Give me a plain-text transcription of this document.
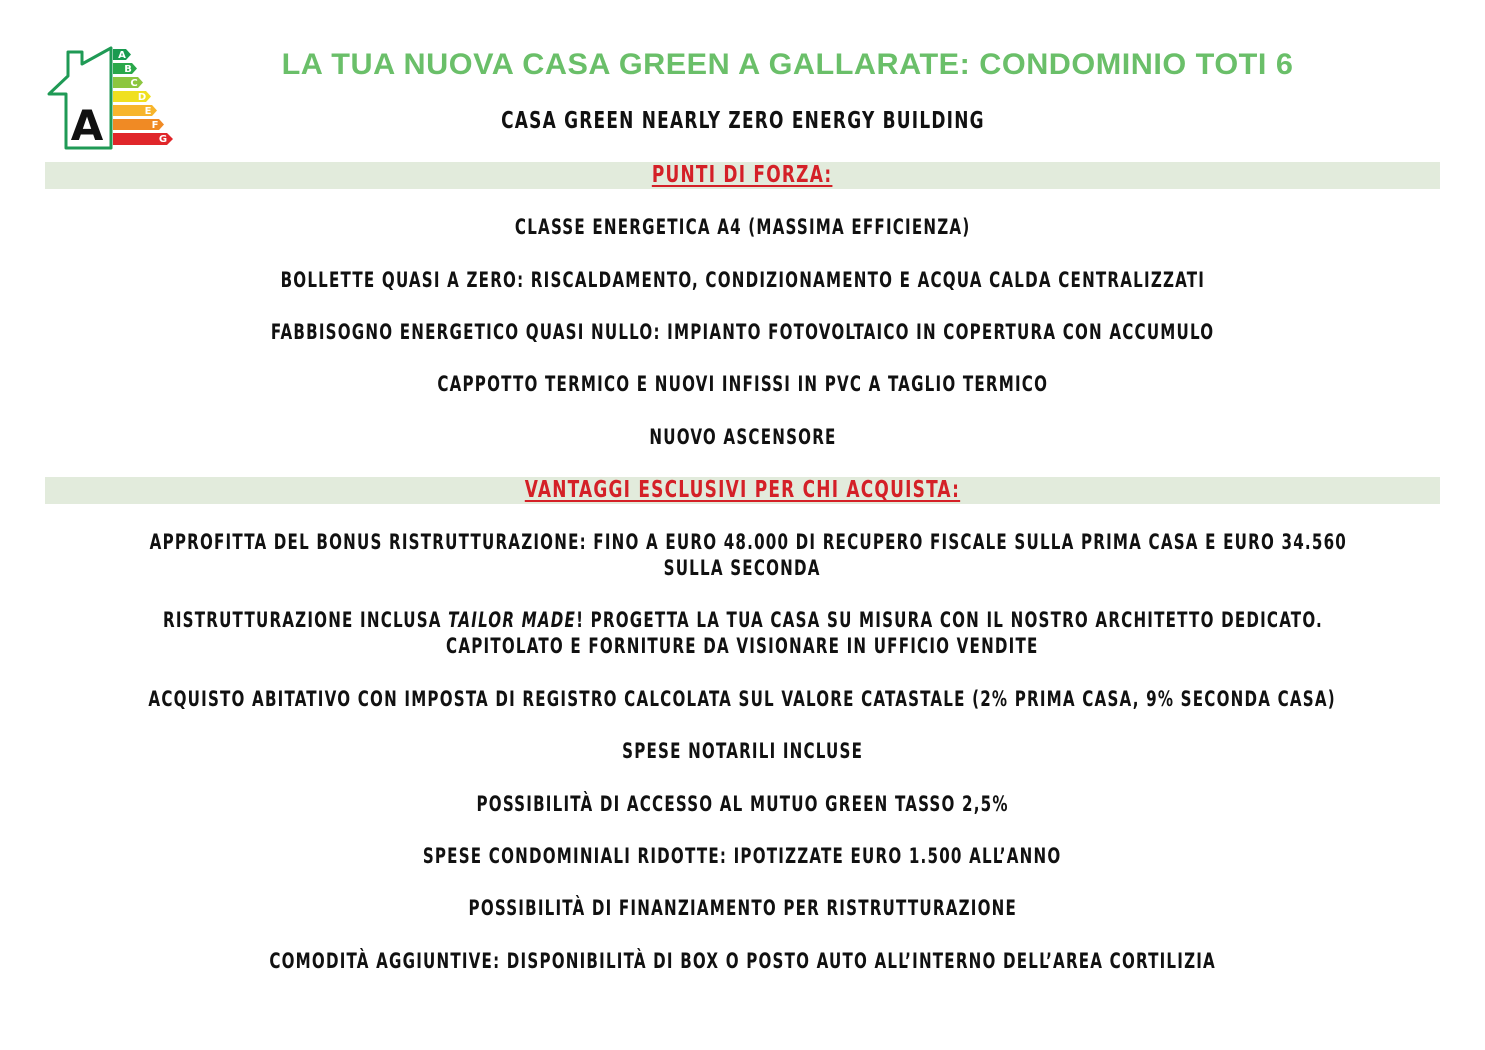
A
A
B
C
D
E
F
G
LA TUA NUOVA CASA GREEN A GALLARATE: CONDOMINIO TOTI 6
CASA GREEN NEARLY ZERO ENERGY BUILDING
PUNTI DI FORZA:
CLASSE ENERGETICA A4 (MASSIMA EFFICIENZA)
BOLLETTE QUASI A ZERO: RISCALDAMENTO, CONDIZIONAMENTO E ACQUA CALDA CENTRALIZZATI
FABBISOGNO ENERGETICO QUASI NULLO: IMPIANTO FOTOVOLTAICO IN COPERTURA CON ACCUMULO
CAPPOTTO TERMICO E NUOVI INFISSI IN PVC A TAGLIO TERMICO
NUOVO ASCENSORE
VANTAGGI ESCLUSIVI PER CHI ACQUISTA:
APPROFITTA DEL BONUS RISTRUTTURAZIONE: FINO A EURO 48.000 DI RECUPERO FISCALE SULLA PRIMA CASA E EURO 34.560
SULLA SECONDA
RISTRUTTURAZIONE INCLUSA TAILOR MADE! PROGETTA LA TUA CASA SU MISURA CON IL NOSTRO ARCHITETTO DEDICATO.
CAPITOLATO E FORNITURE DA VISIONARE IN UFFICIO VENDITE
ACQUISTO ABITATIVO CON IMPOSTA DI REGISTRO CALCOLATA SUL VALORE CATASTALE (2% PRIMA CASA, 9% SECONDA CASA)
SPESE NOTARILI INCLUSE
POSSIBILITÀ DI ACCESSO AL MUTUO GREEN TASSO 2,5%
SPESE CONDOMINIALI RIDOTTE: IPOTIZZATE EURO 1.500 ALL’ANNO
POSSIBILITÀ DI FINANZIAMENTO PER RISTRUTTURAZIONE
COMODITÀ AGGIUNTIVE: DISPONIBILITÀ DI BOX O POSTO AUTO ALL’INTERNO DELL’AREA CORTILIZIA
